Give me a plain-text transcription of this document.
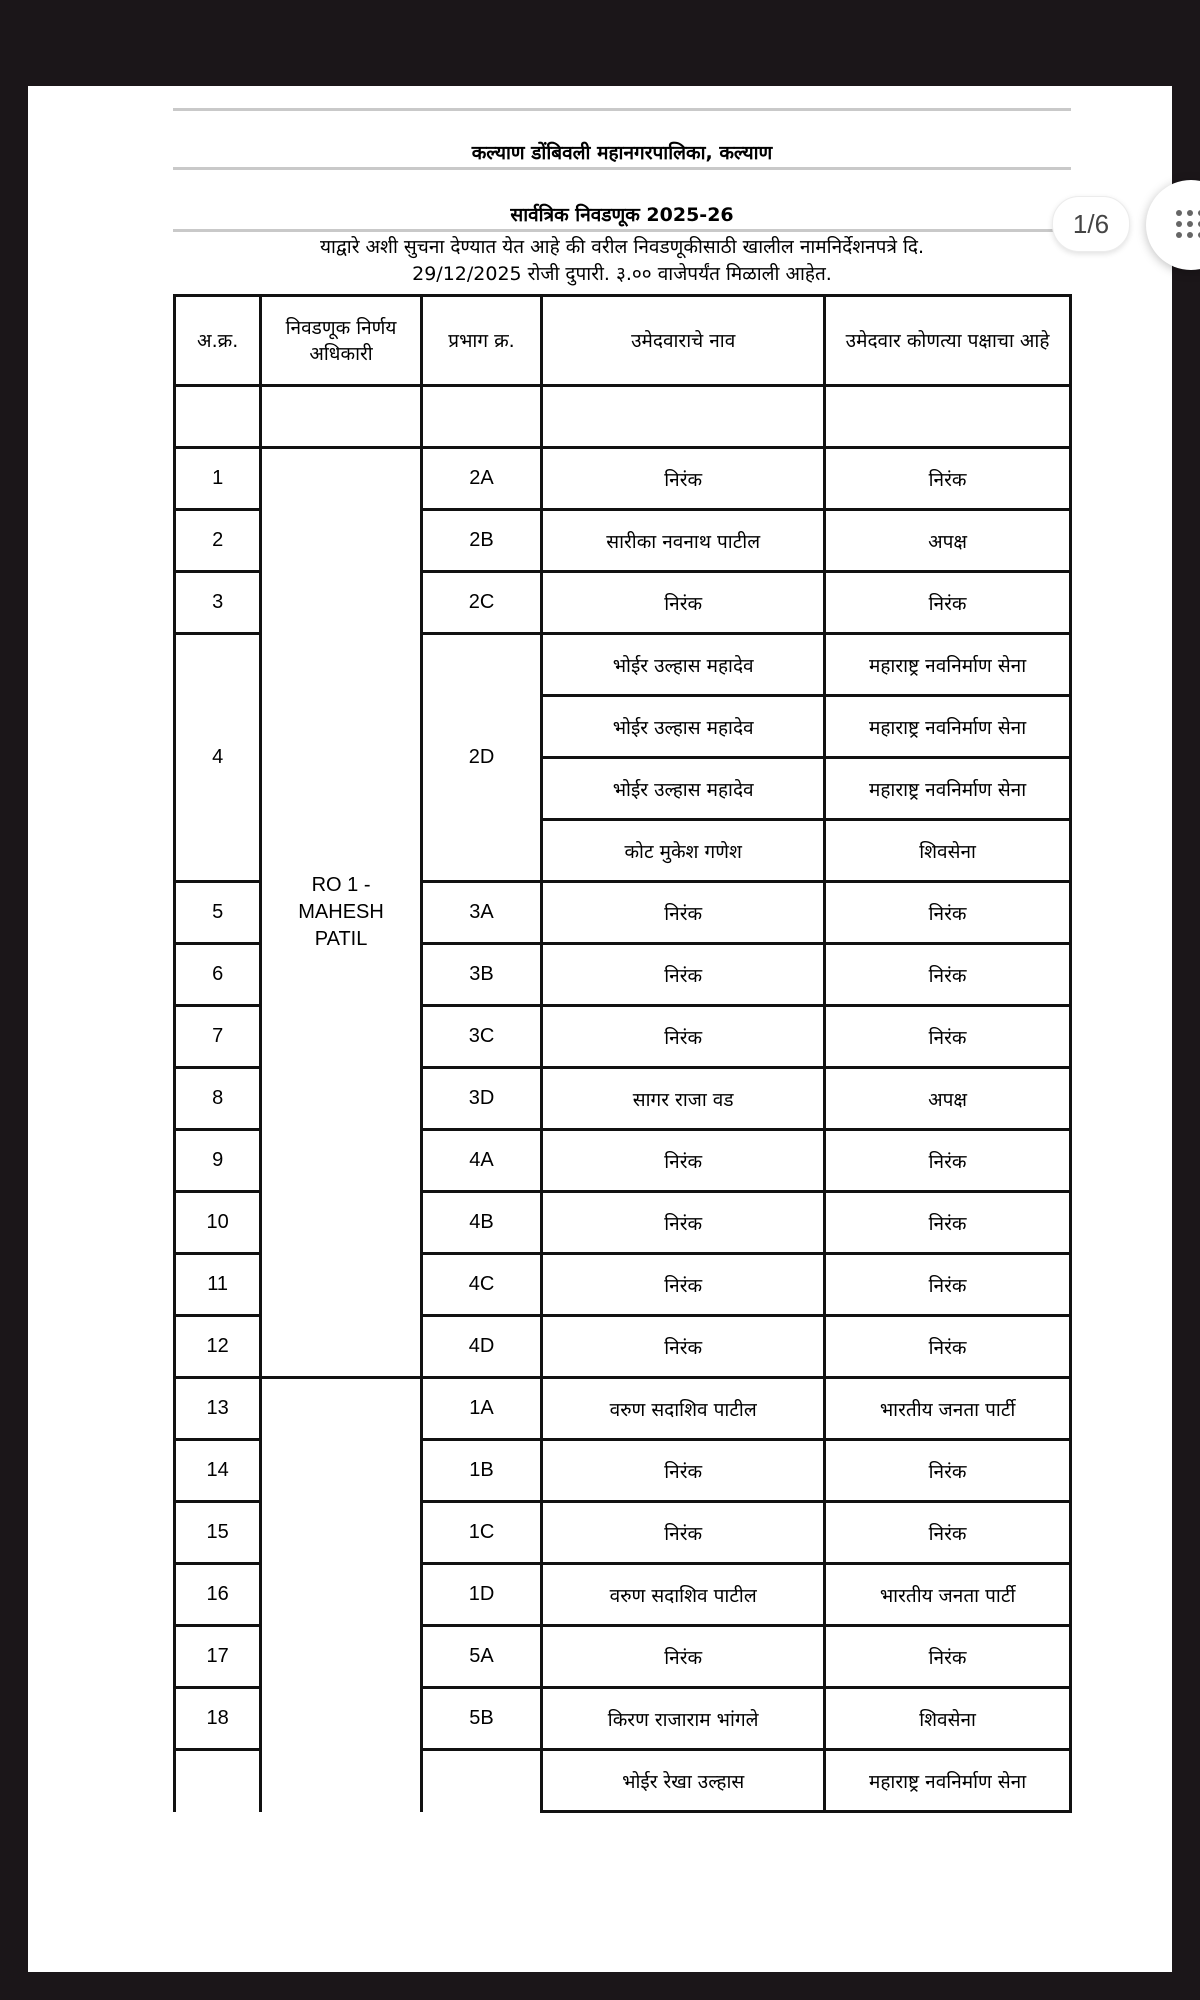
कल्याण डोंबिवली महानगरपालिका, कल्याण
सार्वत्रिक निवडणूक 2025-26
याद्वारे अशी सुचना देण्यात येत आहे की वरील निवडणूकीसाठी खालील नामनिर्देशनपत्रे दि.
29/12/2025 रोजी दुपारी. ३.०० वाजेपर्यंत मिळाली आहेत.
अ.क्र.	निवडणूक निर्णय अधिकारी	प्रभाग क्र.	उमेदवाराचे नाव	उमेदवार कोणत्या पक्षाचा आहे

1	RO 1 - MAHESH PATIL	2A	निरंक	निरंक
2		2B	सारीका नवनाथ पाटील	अपक्ष
3		2C	निरंक	निरंक
4		2D	भोईर उल्हास महादेव	महाराष्ट्र नवनिर्माण सेना
			भोईर उल्हास महादेव	महाराष्ट्र नवनिर्माण सेना
			भोईर उल्हास महादेव	महाराष्ट्र नवनिर्माण सेना
			कोट मुकेश गणेश	शिवसेना
5		3A	निरंक	निरंक
6		3B	निरंक	निरंक
7		3C	निरंक	निरंक
8		3D	सागर राजा वड	अपक्ष
9		4A	निरंक	निरंक
10		4B	निरंक	निरंक
11		4C	निरंक	निरंक
12		4D	निरंक	निरंक
13		1A	वरुण सदाशिव पाटील	भारतीय जनता पार्टी
14		1B	निरंक	निरंक
15		1C	निरंक	निरंक
16		1D	वरुण सदाशिव पाटील	भारतीय जनता पार्टी
17		5A	निरंक	निरंक
18		5B	किरण राजाराम भांगले	शिवसेना
			भोईर रेखा उल्हास	महाराष्ट्र नवनिर्माण सेना
1/6
